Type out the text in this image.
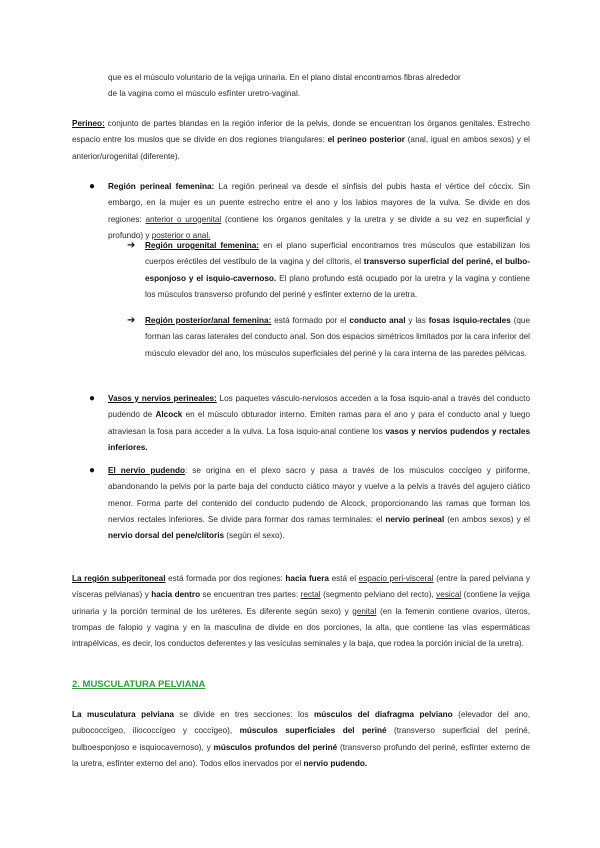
que es el músculo voluntario de la vejiga urinaria. En el plano distal encontramos fibras alrededor
de la vagina como el músculo esfínter uretro-vaginal.

Perineo: conjunto de partes blandas en la región inferior de la pelvis, donde se encuentran los órganos genitales. Estrecho espacio entre los muslos que se divide en dos regiones triangulares: el perineo posterior (anal, igual en ambos sexos) y el anterior/urogenital (diferente).

● Región perineal femenina: La región perineal va desde el sínfisis del pubis hasta el vértice del cóccix. Sin embargo, en la mujer es un puente estrecho entre el ano y los labios mayores de la vulva. Se divide en dos regiones: anterior o urogenital (contiene los órganos genitales y la uretra y se divide a su vez en superficial y profundo) y posterior o anal.

➔ Región urogenital femenina: en el plano superficial encontramos tres músculos que estabilizan los cuerpos eréctiles del vestíbulo de la vagina y del clítoris, el transverso superficial del periné, el bulbo-esponjoso y el isquio-cavernoso. El plano profundo está ocupado por la uretra y la vagina y contiene los músculos transverso profundo del periné y esfínter externo de la uretra.

➔ Región posterior/anal femenina: está formado por el conducto anal y las fosas isquio-rectales (que forman las caras laterales del conducto anal. Son dos espacios simétricos limitados por la cara inferior del músculo elevador del ano, los músculos superficiales del periné y la cara interna de las paredes pélvicas.

● Vasos y nervios perineales: Los paquetes vásculo-nerviosos acceden a la fosa isquio-anal a través del conducto pudendo de Alcock en el músculo obturador interno. Emiten ramas para el ano y para el conducto anal y luego atraviesan la fosa para acceder a la vulva. La fosa isquio-anal contiene los vasos y nervios pudendos y rectales inferiores.

● El nervio pudendo: se origina en el plexo sacro y pasa a través de los músculos coccígeo y piriforme, abandonando la pelvis por la parte baja del conducto ciático mayor y vuelve a la pelvis a través del agujero ciático menor. Forma parte del contenido del conducto pudendo de Alcock, proporcionando las ramas que forman los nervios rectales inferiores. Se divide para formar dos ramas terminales: el nervio perineal (en ambos sexos) y el nervio dorsal del pene/clítoris (según el sexo).

La región subperitoneal está formada por dos regiones: hacia fuera está el espacio peri-visceral (entre la pared pelviana y vísceras pelvianas) y hacia dentro se encuentran tres partes: rectal (segmento pelviano del recto), vesical (contiene la vejiga urinaria y la porción terminal de los uréteres. Es diferente según sexo) y genital (en la femenin contiene ovarios, úteros, trompas de falopio y vagina y en la masculina de divide en dos porciones, la alta, que contiene las vías espermáticas intrapélvicas, es decir, los conductos deferentes y las vesículas seminales y la baja, que rodea la porción inicial de la uretra).

2. MUSCULATURA PELVIANA

La musculatura pelviana se divide en tres secciones: los músculos del diafragma pelviano (elevador del ano, pubococcígeo, iliococcígeo y coccígeo), músculos superficiales del periné (transverso superficial del periné, bulboesponjoso e isquiocavernoso), y músculos profundos del periné (transverso profundo del periné, esfínter externo de la uretra, esfínter externo del ano). Todos ellos inervados por el nervio pudendo.
